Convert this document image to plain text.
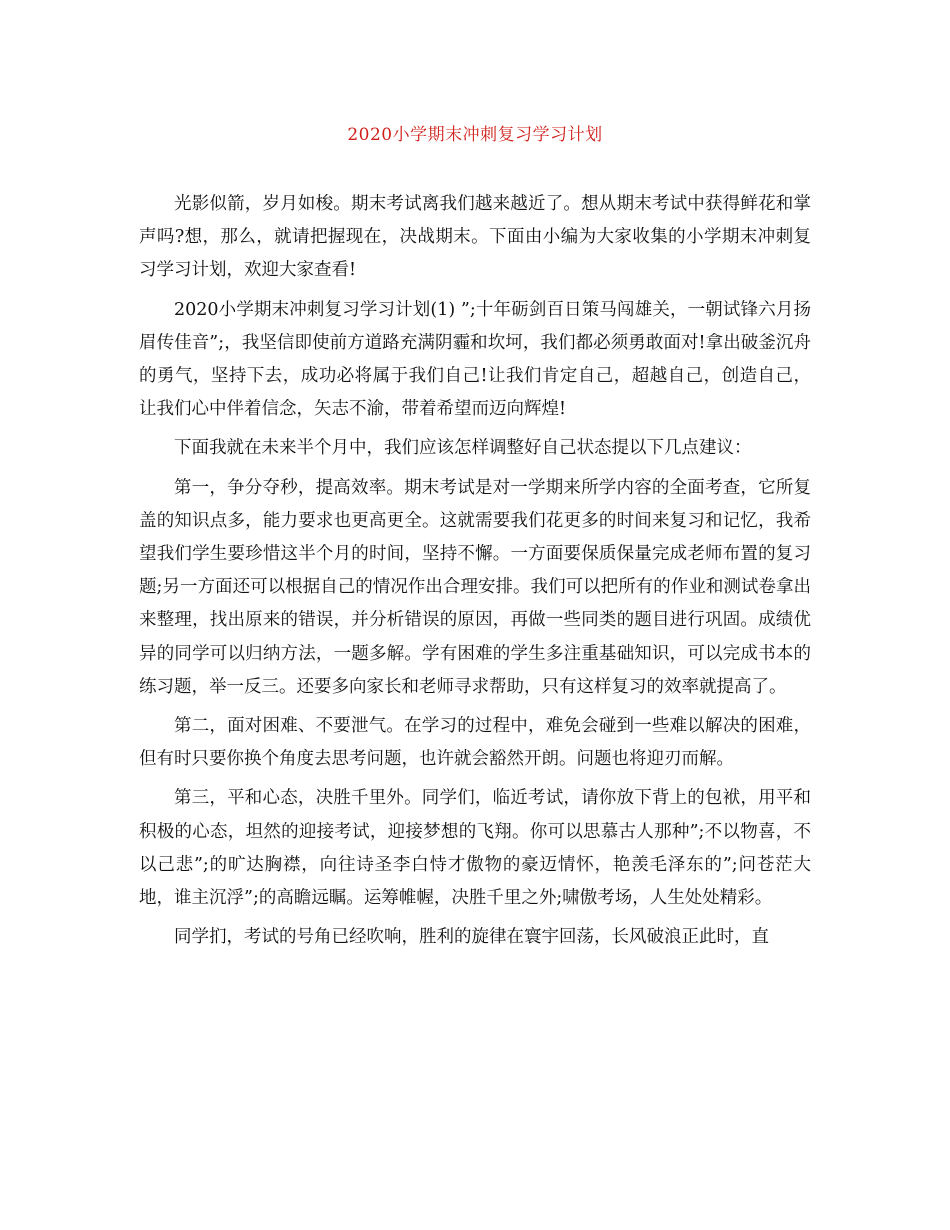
2020小学期末冲刺复习学习计划

光影似箭，岁月如梭。期末考试离我们越来越近了。想从期末考试中获得鲜花和掌声吗?想，那么，就请把握现在，决战期末。下面由小编为大家收集的小学期末冲刺复习学习计划，欢迎大家查看!

2020小学期末冲刺复习学习计划(1) ”;十年砺剑百日策马闯雄关，一朝试锋六月扬眉传佳音”;，我坚信即使前方道路充满阴霾和坎坷，我们都必须勇敢面对!拿出破釜沉舟的勇气，坚持下去，成功必将属于我们自己!让我们肯定自己，超越自己，创造自己，让我们心中伴着信念，矢志不渝，带着希望而迈向辉煌!

下面我就在未来半个月中，我们应该怎样调整好自己状态提以下几点建议：

第一，争分夺秒，提高效率。期末考试是对一学期来所学内容的全面考查，它所复盖的知识点多，能力要求也更高更全。这就需要我们花更多的时间来复习和记忆，我希望我们学生要珍惜这半个月的时间，坚持不懈。一方面要保质保量完成老师布置的复习题;另一方面还可以根据自己的情况作出合理安排。我们可以把所有的作业和测试卷拿出来整理，找出原来的错误，并分析错误的原因，再做一些同类的题目进行巩固。成绩优异的同学可以归纳方法，一题多解。学有困难的学生多注重基础知识，可以完成书本的练习题，举一反三。还要多向家长和老师寻求帮助，只有这样复习的效率就提高了。

第二，面对困难、不要泄气。在学习的过程中，难免会碰到一些难以解决的困难， 但有时只要你换个角度去思考问题，也许就会豁然开朗。问题也将迎刃而解。

第三，平和心态，决胜千里外。同学们，临近考试，请你放下背上的包袱，用平和积极的心态，坦然的迎接考试，迎接梦想的飞翔。你可以思慕古人那种”;不以物喜，不以己悲”;的旷达胸襟，向往诗圣李白恃才傲物的豪迈情怀，艳羡毛泽东的”;问苍茫大地，谁主沉浮”;的高瞻远瞩。运筹帷幄，决胜千里之外;啸傲考场，人生处处精彩。

同学扪，考试的号角已经吹响，胜利的旋律在寰宇回荡，长风破浪正此时，直
